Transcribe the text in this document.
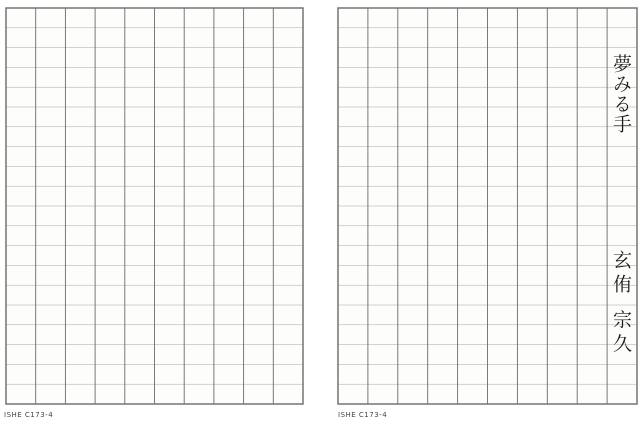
夢みる手
玄侑 宗久
ISHE C173-4	ISHE C173-4
